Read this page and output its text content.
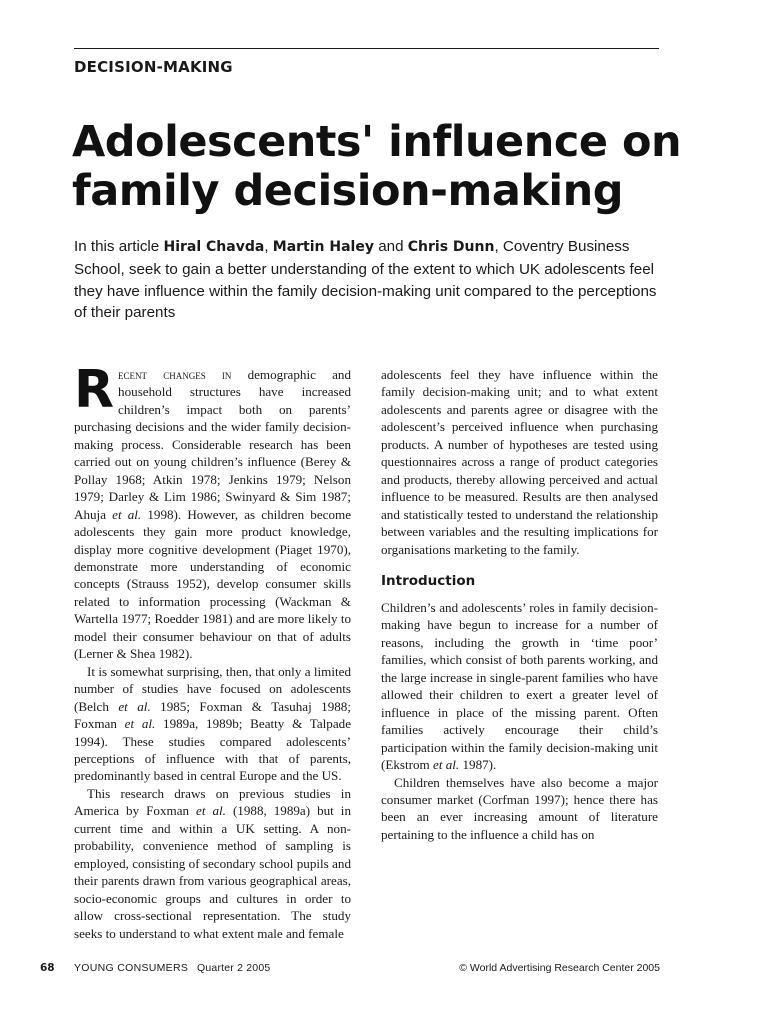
DECISION-MAKING
Adolescents' influence on
family decision-making
In this article Hiral Chavda, Martin Haley and Chris Dunn, Coventry Business School, seek to gain a better understanding of the extent to which UK adolescents feel they have influence within the family decision-making unit compared to the perceptions of their parents

Recent changes in demographic and household structures have increased children’s impact both on parents’ purchasing decisions and the wider family decision-making process. Considerable research has been carried out on young children’s influence (Berey & Pollay 1968; Atkin 1978; Jenkins 1979; Nelson 1979; Darley & Lim 1986; Swinyard & Sim 1987; Ahuja et al. 1998). However, as children become adolescents they gain more product knowledge, display more cognitive development (Piaget 1970), demonstrate more understanding of economic concepts (Strauss 1952), develop consumer skills related to information processing (Wackman & Wartella 1977; Roedder 1981) and are more likely to model their consumer behaviour on that of adults (Lerner & Shea 1982).

It is somewhat surprising, then, that only a limited number of studies have focused on adolescents (Belch et al. 1985; Foxman & Tasuhaj 1988; Foxman et al. 1989a, 1989b; Beatty & Talpade 1994). These studies compared adolescents’ perceptions of influence with that of parents, predominantly based in central Europe and the US.

This research draws on previous studies in America by Foxman et al. (1988, 1989a) but in current time and within a UK setting. A non-probability, convenience method of sampling is employed, consisting of secondary school pupils and their parents drawn from various geographical areas, socio-economic groups and cultures in order to allow cross-sectional representation. The study seeks to understand to what extent male and female

adolescents feel they have influence within the family decision-making unit; and to what extent adolescents and parents agree or disagree with the adolescent’s perceived influence when purchasing products. A number of hypotheses are tested using questionnaires across a range of product categories and products, thereby allowing perceived and actual influence to be measured. Results are then analysed and statistically tested to understand the relationship between variables and the resulting implications for organisations marketing to the family.

Introduction

Children’s and adolescents’ roles in family decision-making have begun to increase for a number of reasons, including the growth in ‘time poor’ families, which consist of both parents working, and the large increase in single-parent families who have allowed their children to exert a greater level of influence in place of the missing parent. Often families actively encourage their child’s participation within the family decision-making unit (Ekstrom et al. 1987).

Children themselves have also become a major consumer market (Corfman 1997); hence there has been an ever increasing amount of literature pertaining to the influence a child has on

68 YOUNG CONSUMERS Quarter 2 2005	© World Advertising Research Center 2005
